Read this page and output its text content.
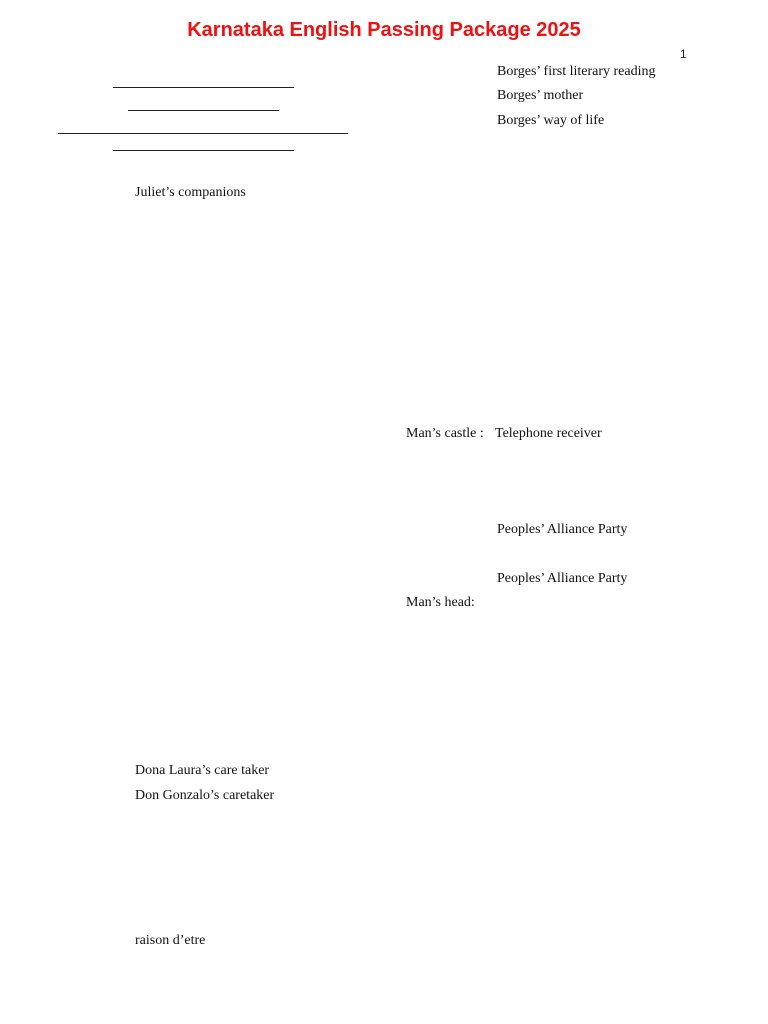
Karnataka English Passing Package 2025
1
Borges’ first literary reading
Borges’ mother
Borges’ way of life
Juliet’s companions
Man’s castle : Telephone receiver
Peoples’ Alliance Party
Peoples’ Alliance Party
Man’s head:
Dona Laura’s care taker
Don Gonzalo’s caretaker
raison d’etre
